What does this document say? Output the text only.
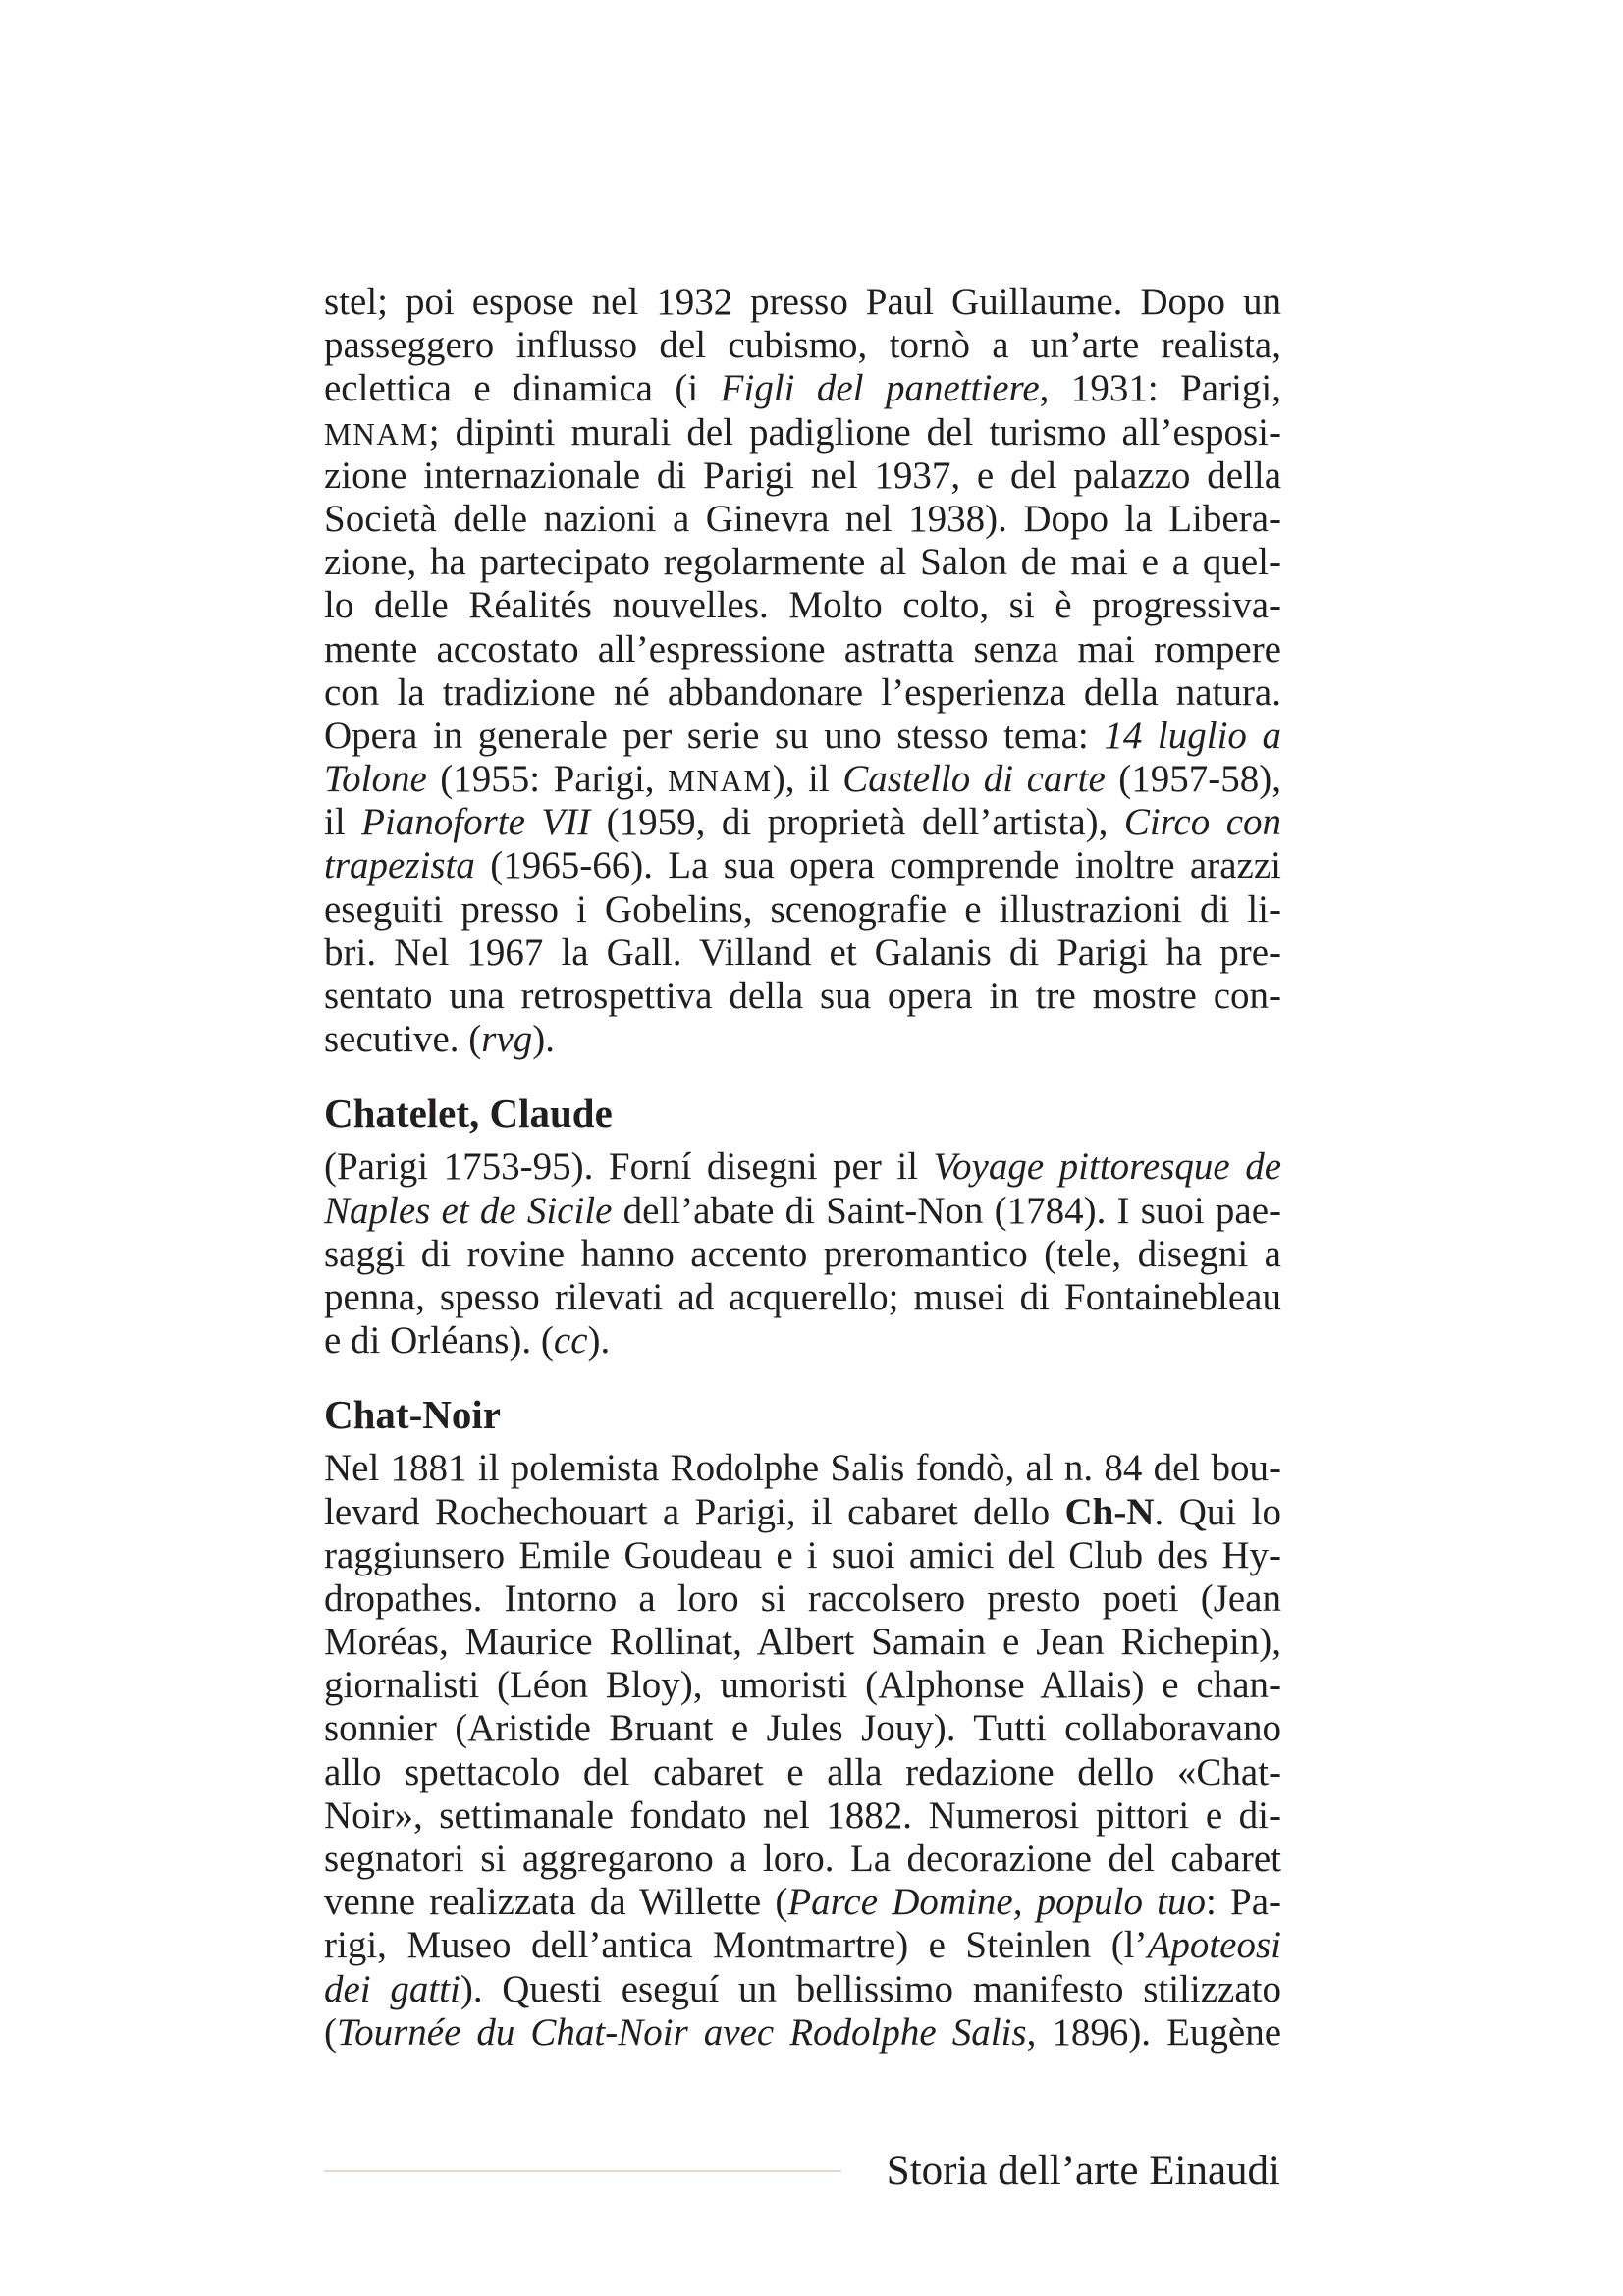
stel; poi espose nel 1932 presso Paul Guillaume. Dopo un
passeggero influsso del cubismo, tornò a un’arte realista,
eclettica e dinamica (i Figli del panettiere, 1931: Parigi,
MNAM; dipinti murali del padiglione del turismo all’esposi-
zione internazionale di Parigi nel 1937, e del palazzo della
Società delle nazioni a Ginevra nel 1938). Dopo la Libera-
zione, ha partecipato regolarmente al Salon de mai e a quel-
lo delle Réalités nouvelles. Molto colto, si è progressiva-
mente accostato all’espressione astratta senza mai rompere
con la tradizione né abbandonare l’esperienza della natura.
Opera in generale per serie su uno stesso tema: 14 luglio a
Tolone (1955: Parigi, MNAM), il Castello di carte (1957-58),
il Pianoforte VII (1959, di proprietà dell’artista), Circo con
trapezista (1965-66). La sua opera comprende inoltre arazzi
eseguiti presso i Gobelins, scenografie e illustrazioni di li-
bri. Nel 1967 la Gall. Villand et Galanis di Parigi ha pre-
sentato una retrospettiva della sua opera in tre mostre con-
secutive. (rvg).
Chatelet, Claude
(Parigi 1753-95). Forní disegni per il Voyage pittoresque de
Naples et de Sicile dell’abate di Saint-Non (1784). I suoi pae-
saggi di rovine hanno accento preromantico (tele, disegni a
penna, spesso rilevati ad acquerello; musei di Fontainebleau
e di Orléans). (cc).
Chat-Noir
Nel 1881 il polemista Rodolphe Salis fondò, al n. 84 del bou-
levard Rochechouart a Parigi, il cabaret dello Ch-N. Qui lo
raggiunsero Emile Goudeau e i suoi amici del Club des Hy-
dropathes. Intorno a loro si raccolsero presto poeti (Jean
Moréas, Maurice Rollinat, Albert Samain e Jean Richepin),
giornalisti (Léon Bloy), umoristi (Alphonse Allais) e chan-
sonnier (Aristide Bruant e Jules Jouy). Tutti collaboravano
allo spettacolo del cabaret e alla redazione dello «Chat-
Noir», settimanale fondato nel 1882. Numerosi pittori e di-
segnatori si aggregarono a loro. La decorazione del cabaret
venne realizzata da Willette (Parce Domine, populo tuo: Pa-
rigi, Museo dell’antica Montmartre) e Steinlen (l’Apoteosi
dei gatti). Questi eseguí un bellissimo manifesto stilizzato
(Tournée du Chat-Noir avec Rodolphe Salis, 1896). Eugène
Storia dell’arte Einaudi
